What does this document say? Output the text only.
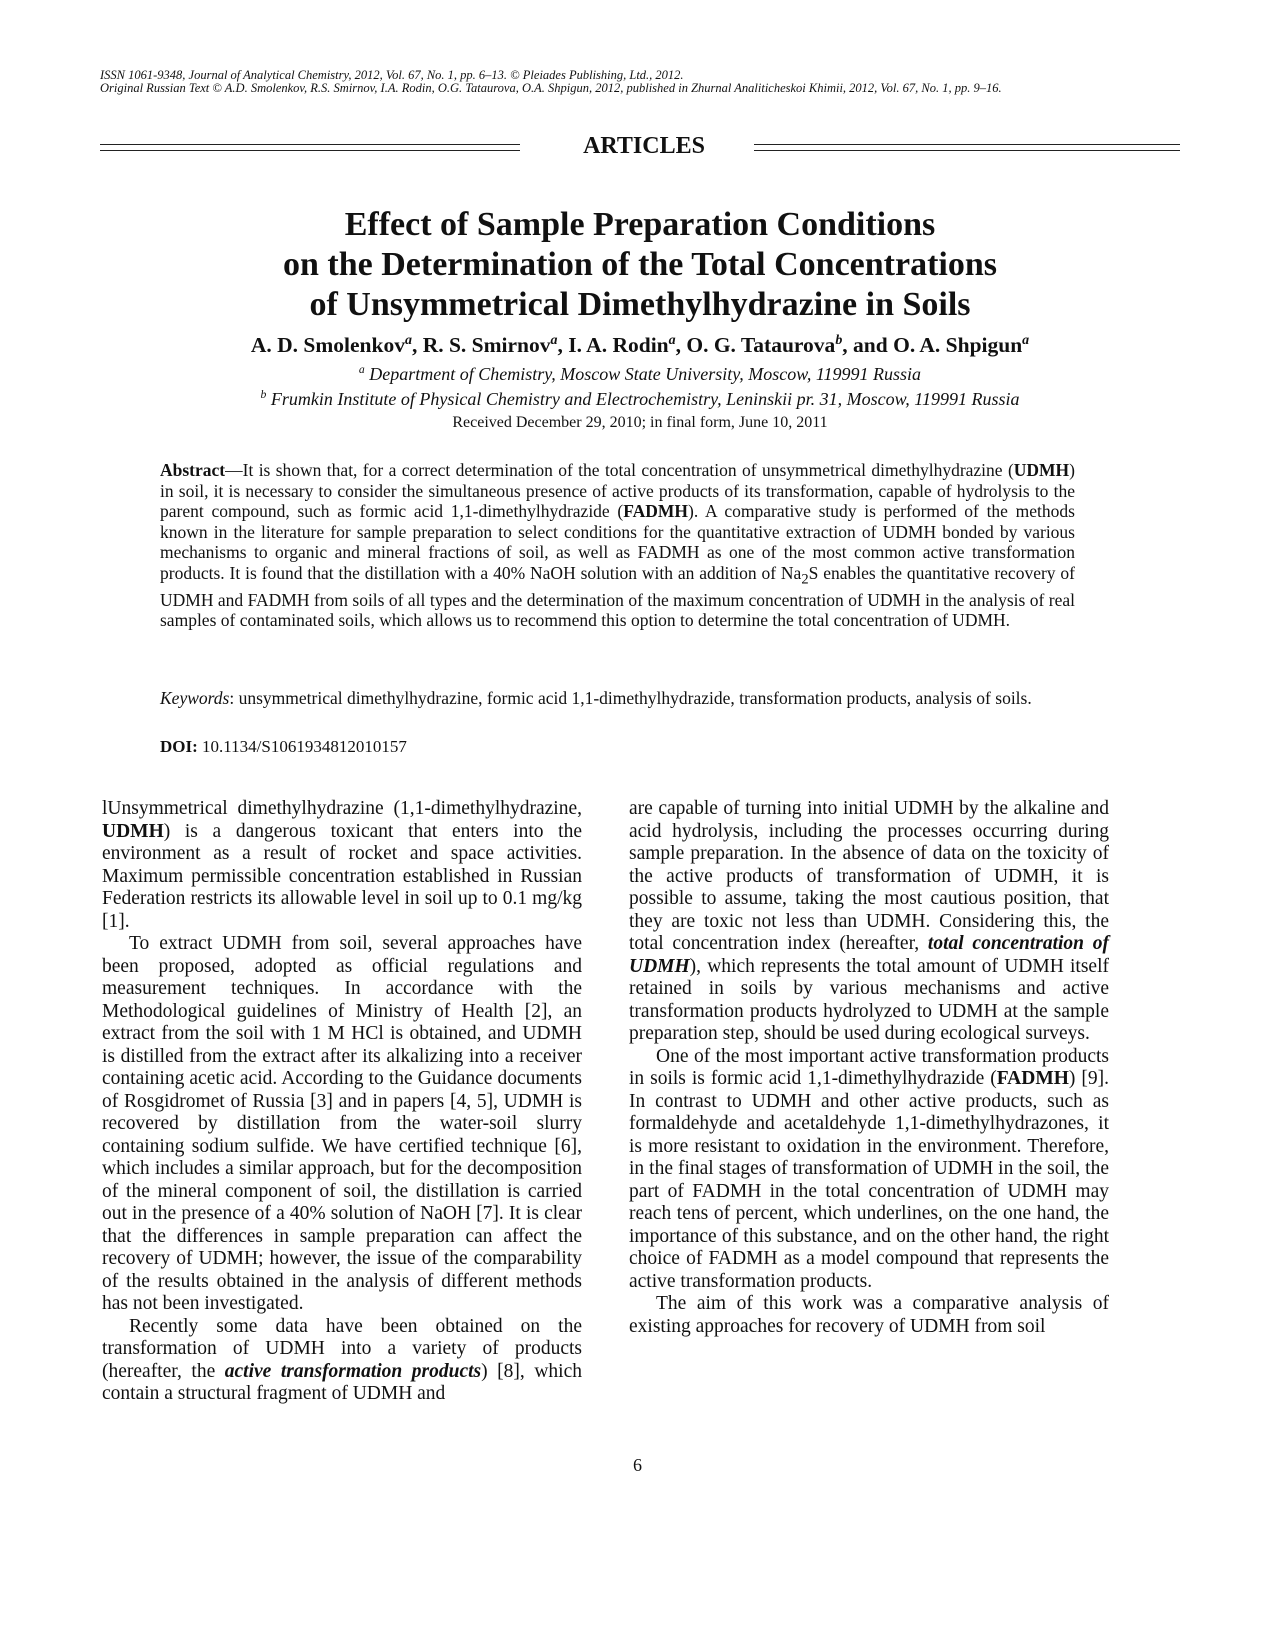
ISSN 1061-9348, Journal of Analytical Chemistry, 2012, Vol. 67, No. 1, pp. 6–13. © Pleiades Publishing, Ltd., 2012.
Original Russian Text © A.D. Smolenkov, R.S. Smirnov, I.A. Rodin, O.G. Tataurova, O.A. Shpigun, 2012, published in Zhurnal Analiticheskoi Khimii, 2012, Vol. 67, No. 1, pp. 9–16.
ARTICLES
Effect of Sample Preparation Conditions
on the Determination of the Total Concentrations
of Unsymmetrical Dimethylhydrazine in Soils
A. D. Smolenkov$^a$, R. S. Smirnov$^a$, I. A. Rodin$^a$, O. G. Tataurova$^b$, and O. A. Shpigun$^a$
$^a$ Department of Chemistry, Moscow State University, Moscow, 119991 Russia
$^b$ Frumkin Institute of Physical Chemistry and Electrochemistry, Leninskii pr. 31, Moscow, 119991 Russia
Received December 29, 2010; in final form, June 10, 2011
Abstract—It is shown that, for a correct determination of the total concentration of unsymmetrical dimethylhydrazine (UDMH) in soil, it is necessary to consider the simultaneous presence of active products of its transformation, capable of hydrolysis to the parent compound, such as formic acid 1,1-dimethylhydrazide (FADMH). A comparative study is performed of the methods known in the literature for sample preparation to select conditions for the quantitative extraction of UDMH bonded by various mechanisms to organic and mineral fractions of soil, as well as FADMH as one of the most common active transformation products. It is found that the distillation with a 40% NaOH solution with an addition of $Na_2S$ enables the quantitative recovery of UDMH and FADMH from soils of all types and the determination of the maximum concentration of UDMH in the analysis of real samples of contaminated soils, which allows us to recommend this option to determine the total concentration of UDMH.
Keywords: unsymmetrical dimethylhydrazine, formic acid 1,1-dimethylhydrazide, transformation products, analysis of soils.
DOI: 10.1134/S1061934812010157

lUnsymmetrical dimethylhydrazine (1,1-dimethylhydrazine, UDMH) is a dangerous toxicant that enters into the environment as a result of rocket and space activities. Maximum permissible concentration established in Russian Federation restricts its allowable level in soil up to 0.1 mg/kg [1].

To extract UDMH from soil, several approaches have been proposed, adopted as official regulations and measurement techniques. In accordance with the Methodological guidelines of Ministry of Health [2], an extract from the soil with 1 M HCl is obtained, and UDMH is distilled from the extract after its alkalizing into a receiver containing acetic acid. According to the Guidance documents of Rosgidromet of Russia [3] and in papers [4, 5], UDMH is recovered by distillation from the water-soil slurry containing sodium sulfide. We have certified technique [6], which includes a similar approach, but for the decomposition of the mineral component of soil, the distillation is carried out in the presence of a 40% solution of NaOH [7]. It is clear that the differences in sample preparation can affect the recovery of UDMH; however, the issue of the comparability of the results obtained in the analysis of different methods has not been investigated.

Recently some data have been obtained on the transformation of UDMH into a variety of products (hereafter, the active transformation products) [8], which contain a structural fragment of UDMH and

are capable of turning into initial UDMH by the alkaline and acid hydrolysis, including the processes occurring during sample preparation. In the absence of data on the toxicity of the active products of transformation of UDMH, it is possible to assume, taking the most cautious position, that they are toxic not less than UDMH. Considering this, the total concentration index (hereafter, total concentration of UDMH), which represents the total amount of UDMH itself retained in soils by various mechanisms and active transformation products hydrolyzed to UDMH at the sample preparation step, should be used during ecological surveys.

One of the most important active transformation products in soils is formic acid 1,1-dimethylhydrazide (FADMH) [9]. In contrast to UDMH and other active products, such as formaldehyde and acetaldehyde 1,1-dimethylhydrazones, it is more resistant to oxidation in the environment. Therefore, in the final stages of transformation of UDMH in the soil, the part of FADMH in the total concentration of UDMH may reach tens of percent, which underlines, on the one hand, the importance of this substance, and on the other hand, the right choice of FADMH as a model compound that represents the active transformation products.

The aim of this work was a comparative analysis of existing approaches for recovery of UDMH from soil

6
